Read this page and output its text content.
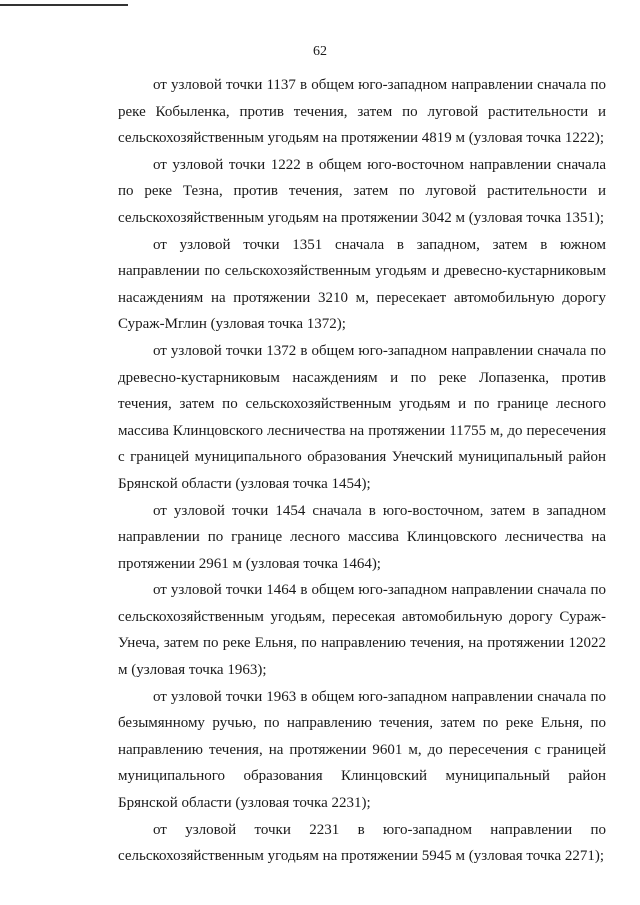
62

от узловой точки 1137 в общем юго-западном направлении сначала по реке Кобыленка, против течения, затем по луговой растительности и сельскохозяйственным угодьям на протяжении 4819 м (узловая точка 1222);

от узловой точки 1222 в общем юго-восточном направлении сначала по реке Тезна, против течения, затем по луговой растительности и сельскохозяйственным угодьям на протяжении 3042 м (узловая точка 1351);

от узловой точки 1351 сначала в западном, затем в южном направлении по сельскохозяйственным угодьям и древесно-кустарниковым насаждениям на протяжении 3210 м, пересекает автомобильную дорогу Сураж-Мглин (узловая точка 1372);

от узловой точки 1372 в общем юго-западном направлении сначала по древесно-кустарниковым насаждениям и по реке Лопазенка, против течения, затем по сельскохозяйственным угодьям и по границе лесного массива Клинцовского лесничества на протяжении 11755 м, до пересечения с границей муниципального образования Унечский муниципальный район Брянской области (узловая точка 1454);

от узловой точки 1454 сначала в юго-восточном, затем в западном направлении по границе лесного массива Клинцовского лесничества на протяжении 2961 м (узловая точка 1464);

от узловой точки 1464 в общем юго-западном направлении сначала по сельскохозяйственным угодьям, пересекая автомобильную дорогу Сураж-Унеча, затем по реке Ельня, по направлению течения, на протяжении 12022 м (узловая точка 1963);

от узловой точки 1963 в общем юго-западном направлении сначала по безымянному ручью, по направлению течения, затем по реке Ельня, по направлению течения, на протяжении 9601 м, до пересечения с границей муниципального образования Клинцовский муниципальный район Брянской области (узловая точка 2231);

от узловой точки 2231 в юго-западном направлении по сельскохозяйственным угодьям на протяжении 5945 м (узловая точка 2271);
